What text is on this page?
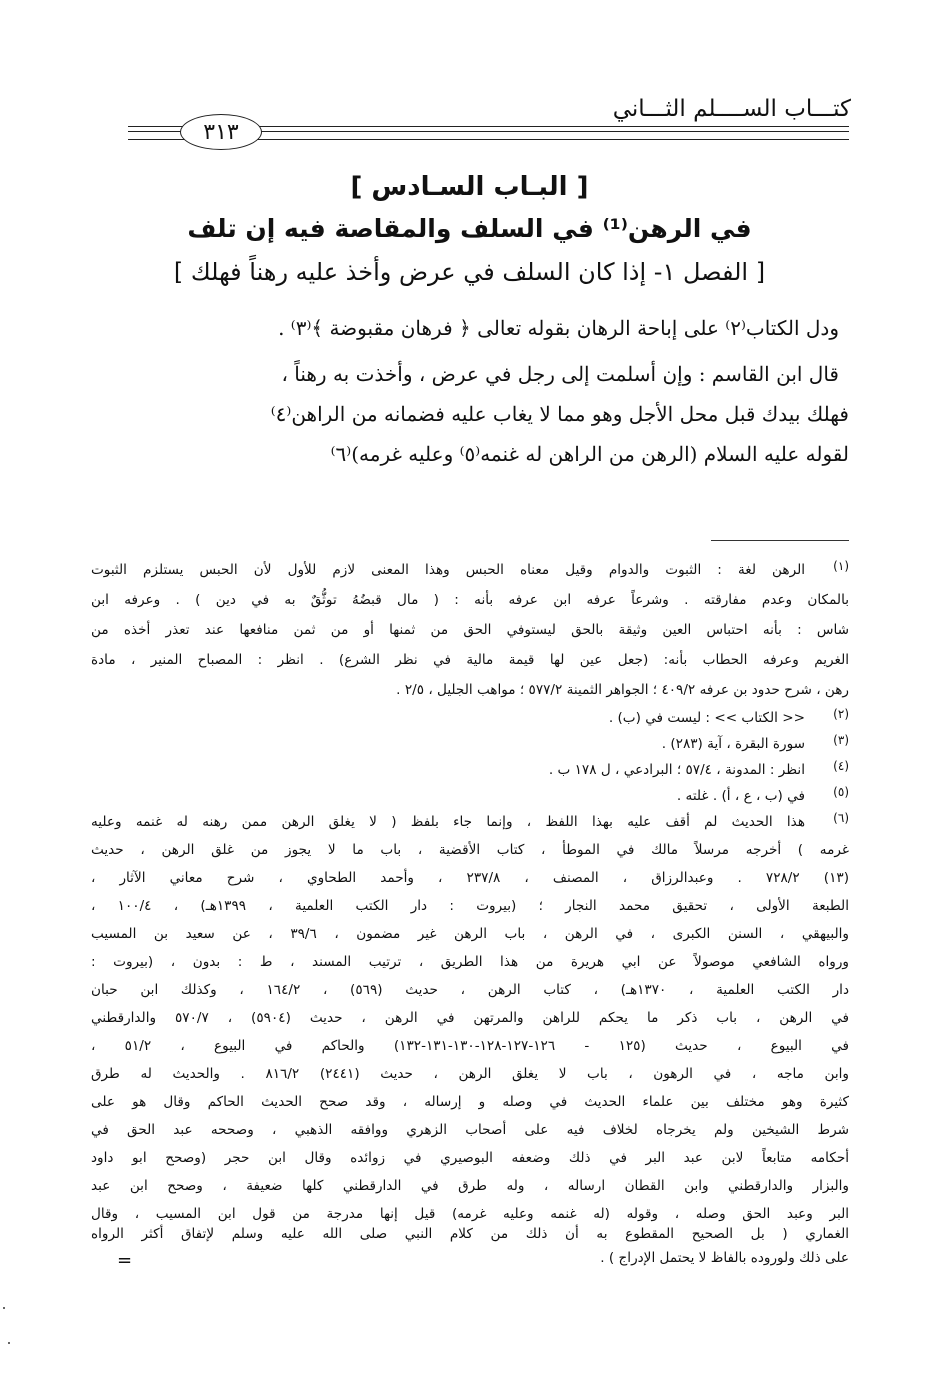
كتـــاب الســــلم الثـــاني
٣١٣
[ البـاب السـادس ]
في الرهن⁽¹⁾ في السلف والمقاصة فيه إن تلف
[ الفصل ١- إذا كان السلف في عرض وأخذ عليه رهناً فهلك ]
ودل الكتاب⁽٢⁾ على إباحة الرهان بقوله تعالى ﴿ فرهان مقبوضة ﴾⁽٣⁾ .
قال ابن القاسم : وإن أسلمت إلى رجل في عرض ، وأخذت به رهناً ،
فهلك بيدك قبل محل الأجل وهو مما لا يغاب عليه فضمانه من الراهن⁽٤⁾
لقوله عليه السلام (الرهن من الراهن له غنمه⁽٥⁾ وعليه غرمه)⁽٦⁾
(١)
الرهن لغة : الثبوت والدوام وقيل معناه الحبس وهذا المعنى لازم للأول لأن الحبس يستلزم الثبوت
بالمكان وعدم مفارقته . وشرعاً عرفه ابن عرفه بأنه : ( مال قبضُهُ توثُّقٌ به في دين ) . وعرفه ابن
شاس : بأنه احتباس العين وثيقة بالحق ليستوفي الحق من ثمنها أو من ثمن منافعها عند تعذر أخذه من
الغريم وعرفه الحطاب بأنه: (جعل عين لها قيمة مالية في نظر الشرع) . انظر : المصباح المنير ، مادة
رهن ، شرح حدود بن عرفه ٤٠٩/٢ ؛ الجواهر الثمينة ٥٧٧/٢ ؛ مواهب الجليل ، ٢/٥ .
(٢)
<< الكتاب >> : ليست في (ب) .
(٣)
سورة البقرة ، آية (٢٨٣) .
(٤)
انظر : المدونة ، ٥٧/٤ ؛ البرادعي ، ل ١٧٨ ب .
(٥)
في (ب ، ع ، أ) . غلته .
(٦)
هذا الحديث لم أقف عليه بهذا اللفظ ، وإنما جاء بلفظ ( لا يغلق الرهن ممن رهنه له غنمه وعليه
غرمه ) أخرجه مرسلاً مالك في الموطأ ، كتاب الأقضية ، باب ما لا يجوز من غلق الرهن ، حديث
(١٣) ٧٢٨/٢ . وعبدالرزاق ، المصنف ، ٢٣٧/٨ ، وأحمد الطحاوي ، شرح معاني الآثار ،
الطبعة الأولى ، تحقيق محمد النجار ؛ (بيروت : دار الكتب العلمية ، ١٣٩٩هـ) ، ١٠٠/٤ ،
والبيهقي ، السنن الكبرى ، في الرهن ، باب الرهن غير مضمون ، ٣٩/٦ ، عن سعيد بن المسيب
ورواه الشافعي موصولاً عن ابي هريرة من هذا الطريق ، ترتيب المسند ، ط : بدون ، (بيروت :
دار الكتب العلمية ، ١٣٧٠هـ) ، كتاب الرهن ، حديث (٥٦٩) ، ١٦٤/٢ ، وكذلك ابن حبان
في الرهن ، باب ذكر ما يحكم للراهن والمرتهن في الرهن ، حديث (٥٩٠٤) ، ٥٧٠/٧ والدارقطني
في البيوع ، حديث (١٢٥ - ١٢٦-١٢٧-١٢٨-١٣٠-١٣١-١٣٢) والحاكم في البيوع ، ٥١/٢ ،
وابن ماجه ، في الرهون ، باب لا يغلق الرهن ، حديث (٢٤٤١) ٨١٦/٢ . والحديث له طرق
كثيرة وهو مختلف بين علماء الحديث في وصله و إرساله ، وقد صحح الحديث الحاكم وقال هو على
شرط الشيخين ولم يخرجاه لخلاف فيه على أصحاب الزهري ووافقه الذهبي ، وصححه عبد الحق في
أحكامه متابعاً لابن عبد البر في ذلك وضعفه البوصيري في زوائده وقال ابن حجر (وصحح ابو داود
والبزار والدارقطني وابن القطان ارساله ، وله طرق في الدارقطني كلها ضعيفة ، وصحح ابن عبد
البر وعبد الحق وصله ، وقوله (له غنمه وعليه غرمه) قيل إنها مدرجة من قول ابن المسيب ، وقال
الغماري ( بل الصحيح المقطوع به أن ذلك من كلام النبي صلى الله عليه وسلم لإتفاق أكثر الرواه
على ذلك ولوروده بالفاظ لا يحتمل الإدراج ) .
=
